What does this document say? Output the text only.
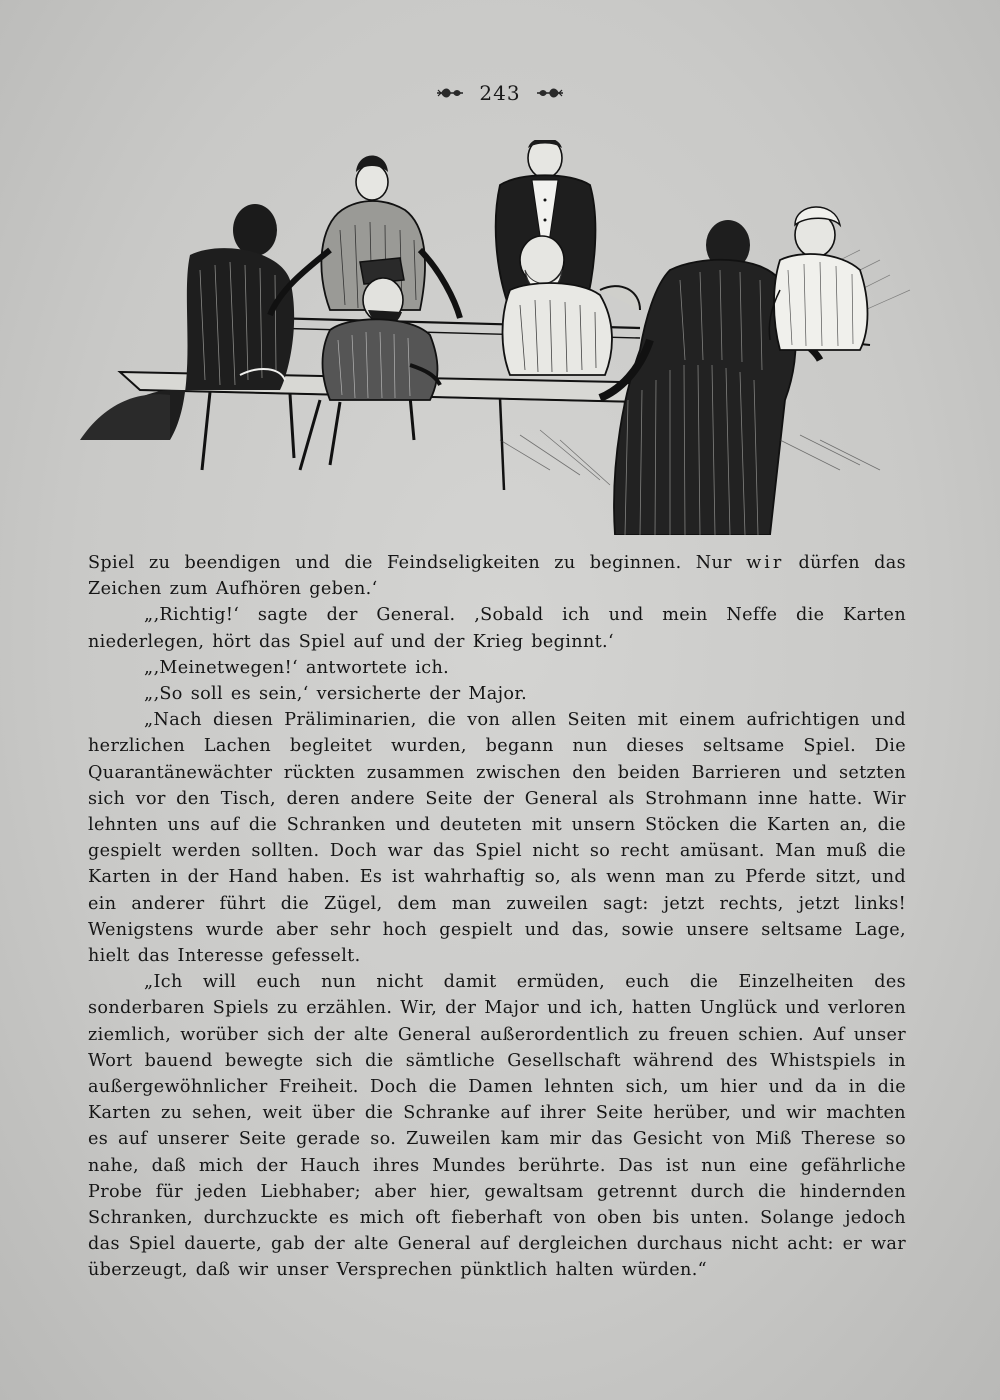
243

Spiel zu beendigen und die Feindseligkeiten zu beginnen. Nur wir dürfen das Zeichen zum Aufhören geben.‘

„‚Richtig!‘ sagte der General. ‚Sobald ich und mein Neffe die Karten niederlegen, hört das Spiel auf und der Krieg beginnt.‘

„‚Meinetwegen!‘ antwortete ich.

„‚So soll es sein,‘ versicherte der Major.

„Nach diesen Präliminarien, die von allen Seiten mit einem aufrichtigen und herzlichen Lachen begleitet wurden, begann nun dieses seltsame Spiel. Die Quarantänewächter rückten zusammen zwischen den beiden Barrieren und setzten sich vor den Tisch, deren andere Seite der General als Strohmann inne hatte. Wir lehnten uns auf die Schranken und deuteten mit unsern Stöcken die Karten an, die gespielt werden sollten. Doch war das Spiel nicht so recht amüsant. Man muß die Karten in der Hand haben. Es ist wahrhaftig so, als wenn man zu Pferde sitzt, und ein anderer führt die Zügel, dem man zuweilen sagt: jetzt rechts, jetzt links! Wenigstens wurde aber sehr hoch gespielt und das, sowie unsere seltsame Lage, hielt das Interesse gefesselt.

„Ich will euch nun nicht damit ermüden, euch die Einzelheiten des sonderbaren Spiels zu erzählen. Wir, der Major und ich, hatten Unglück und verloren ziemlich, worüber sich der alte General außerordentlich zu freuen schien. Auf unser Wort bauend bewegte sich die sämtliche Gesellschaft während des Whistspiels in außergewöhnlicher Freiheit. Doch die Damen lehnten sich, um hier und da in die Karten zu sehen, weit über die Schranke auf ihrer Seite herüber, und wir machten es auf unserer Seite gerade so. Zuweilen kam mir das Gesicht von Miß Therese so nahe, daß mich der Hauch ihres Mundes berührte. Das ist nun eine gefährliche Probe für jeden Liebhaber; aber hier, gewaltsam getrennt durch die hindernden Schranken, durchzuckte es mich oft fieberhaft von oben bis unten. Solange jedoch das Spiel dauerte, gab der alte General auf dergleichen durchaus nicht acht: er war überzeugt, daß wir unser Versprechen pünktlich halten würden.“
